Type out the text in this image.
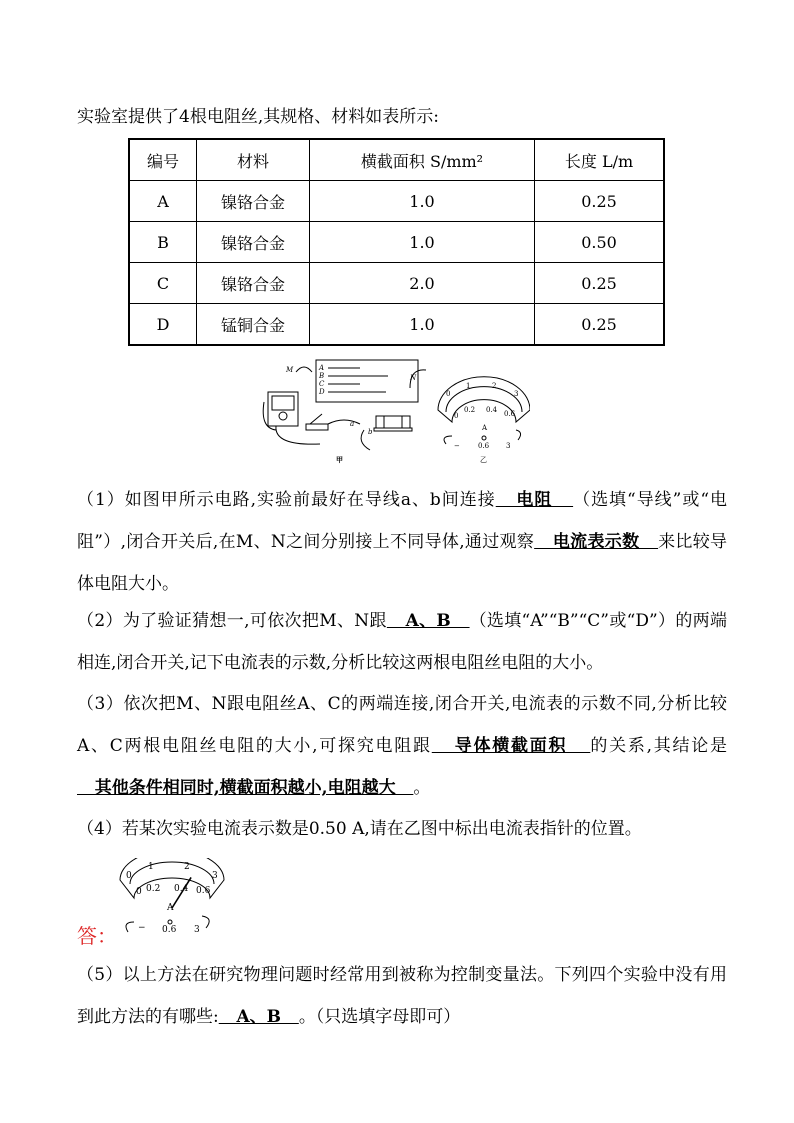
实验室提供了4根电阻丝,其规格、材料如表所示:
编号	材料	横截面积 S/mm²	长度 L/m
A	镍铬合金	1.0	0.25
B	镍铬合金	1.0	0.50
C	镍铬合金	2.0	0.25
D	锰铜合金	1.0	0.25
M
N
a
b
A
B
C
D	0
1	2
3
0
0.2 0.4 0.6
A
−	0.6 3
甲	乙
（1）如图甲所示电路,实验前最好在导线a、b间连接   电阻   （选填“导线”或“电阻”）,闭合开关后,在M、N之间分别接上不同导体,通过观察   电流表示数   来比较导体电阻大小。
（2）为了验证猜想一,可依次把M、N跟   A、B   （选填“A”“B”“C”或“D”）的两端相连,闭合开关,记下电流表的示数,分析比较这两根电阻丝电阻的大小。
（3）依次把M、N跟电阻丝A、C的两端连接,闭合开关,电流表的示数不同,分析比较A、C两根电阻丝电阻的大小,可探究电阻跟   导体横截面积   的关系,其结论是   其他条件相同时,横截面积越小,电阻越大   。
（4）若某次实验电流表示数是0.50 A,请在乙图中标出电流表指针的位置。
0
1	2
3
0 0.2 0.4 0.6
A
− 0.6 3
答：
（5）以上方法在研究物理问题时经常用到被称为控制变量法。下列四个实验中没有用到此方法的有哪些:   A、B   。（只选填字母即可）
